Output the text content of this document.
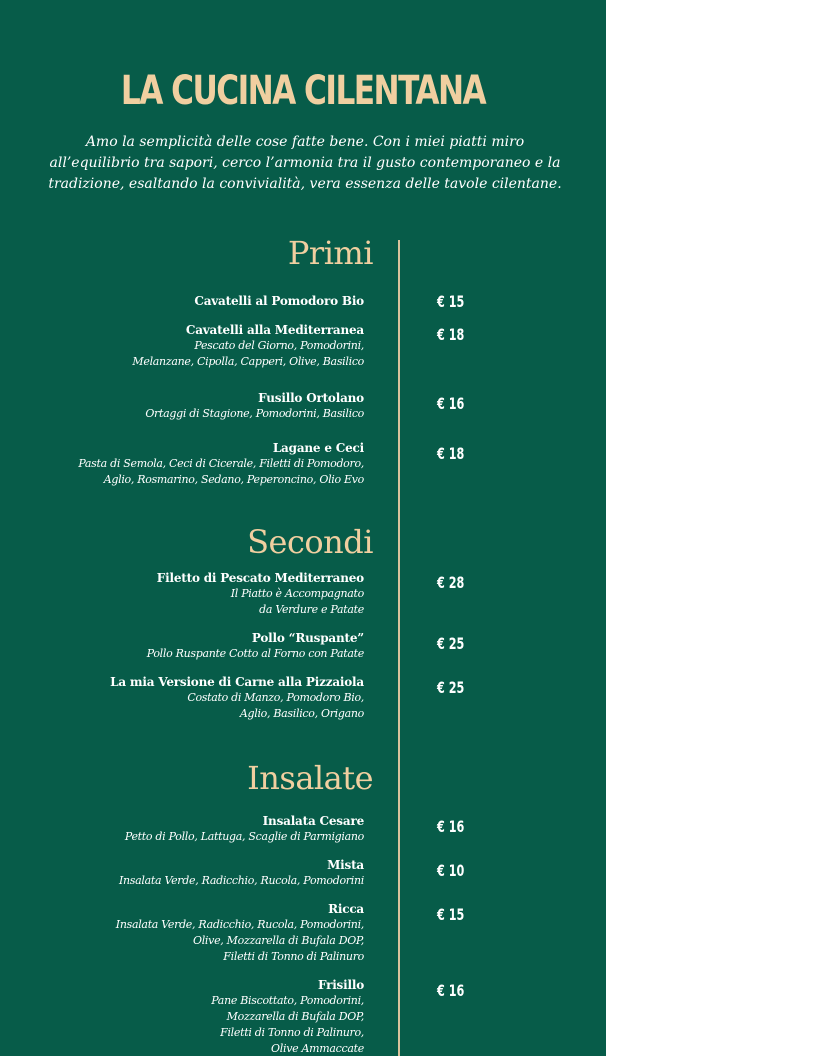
LA CUCINA CILENTANA
Amo la semplicità delle cose fatte bene. Con i miei piatti miro all’equilibrio tra sapori, cerco l’armonia tra il gusto contemporaneo e la tradizione, esaltando la convivialità, vera essenza delle tavole cilentane.
Primi
Cavatelli al Pomodoro Bio	€ 15
Cavatelli alla Mediterranea
Pescato del Giorno, Pomodorini,
Melanzane, Cipolla, Capperi, Olive, Basilico
€ 18
Fusillo Ortolano
Ortaggi di Stagione, Pomodorini, Basilico
€ 16
Lagane e Ceci
Pasta di Semola, Ceci di Cicerale, Filetti di Pomodoro,
Aglio, Rosmarino, Sedano, Peperoncino, Olio Evo
€ 18
Secondi
Filetto di Pescato Mediterraneo
Il Piatto è Accompagnato
da Verdure e Patate
€ 28
Pollo “Ruspante”
Pollo Ruspante Cotto al Forno con Patate
€ 25
La mia Versione di Carne alla Pizzaiola
Costato di Manzo, Pomodoro Bio,
Aglio, Basilico, Origano
€ 25
Insalate
Insalata Cesare
Petto di Pollo, Lattuga, Scaglie di Parmigiano
€ 16
Mista
Insalata Verde, Radicchio, Rucola, Pomodorini
€ 10
Ricca
Insalata Verde, Radicchio, Rucola, Pomodorini,
Olive, Mozzarella di Bufala DOP,
Filetti di Tonno di Palinuro
€ 15
Frisillo
Pane Biscottato, Pomodorini,
Mozzarella di Bufala DOP,
Filetti di Tonno di Palinuro,
Olive Ammaccate
€ 16
